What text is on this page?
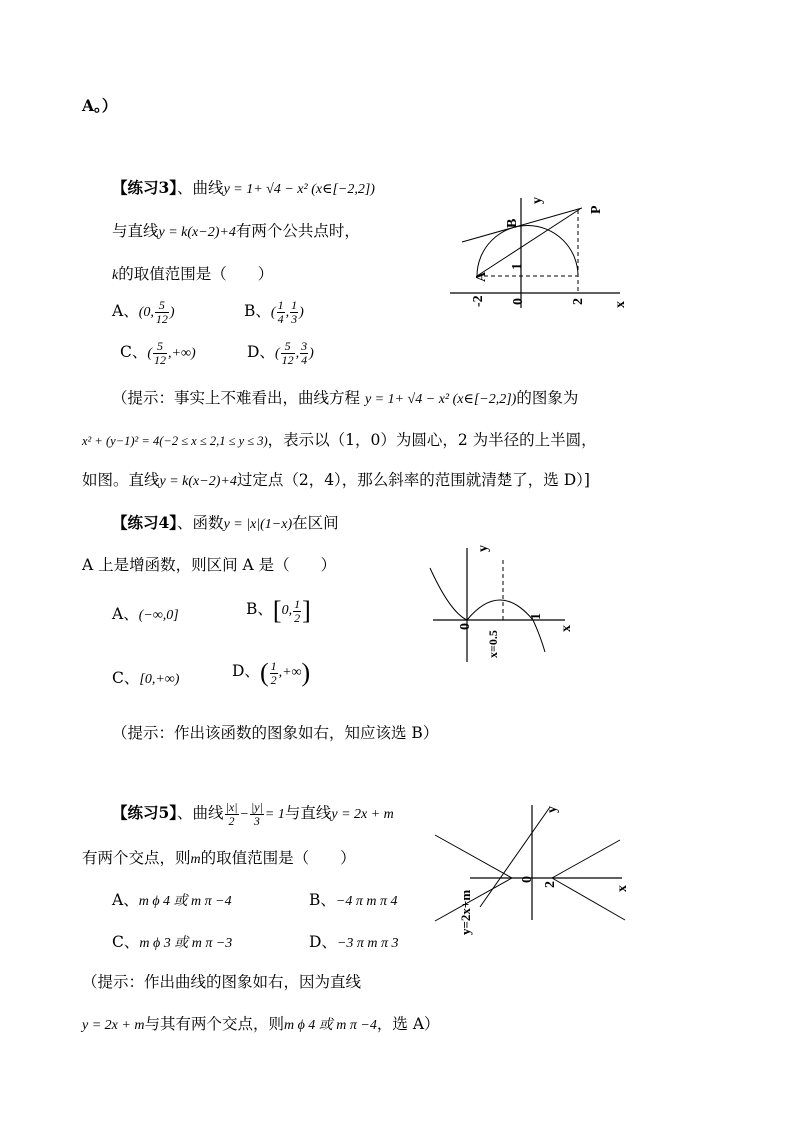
A。）
【练习3】、曲线y = 1+ √4 − x² (x∈[−2,2])
与直线y = k(x−2)+4有两个公共点时，
k的取值范围是（　　）
A、(0, $\frac{5}{12}$ )	B、( $\frac{1}{4}$ , $\frac{1}{3}$ )
C、( $\frac{5}{12}$ ,+∞)	D、( $\frac{5}{12}$ , $\frac{3}{4}$ )
（提示：事实上不难看出，曲线方程 y = 1+ √4 − x² (x∈[−2,2])的图象为
x² + (y−1)² = 4(−2 ≤ x ≤ 2,1 ≤ y ≤ 3)，表示以（1，0）为圆心，2 为半径的上半圆，
如图。直线y = k(x−2)+4过定点（2，4），那么斜率的范围就清楚了，选 D）]
y
B
P
A
1
0
-2	2 x
【练习4】、函数y = |x|(1−x)在区间
A 上是增函数，则区间 A 是（　　）
A、(−∞,0]	B、[0, $\frac{1}{2}$ ]
C、[0,+∞)	D、( $\frac{1}{2}$ ,+∞)
（提示：作出该函数的图象如右，知应该选 B）
y
0
1
x
x=0.5
【练习5】、曲线 $\frac{|x|}{2} - \frac{|y|}{3} = 1$与直线y = 2x + m
有两个交点，则m的取值范围是（　　）
A、m ϕ 4 或 m π −4	B、−4 π m π 4
C、m ϕ 3 或 m π −3	D、−3 π m π 3
（提示：作出曲线的图象如右，因为直线
y = 2x + m与其有两个交点，则m ϕ 4 或 m π −4，选 A）
y
0
2
x
y=2x+m
